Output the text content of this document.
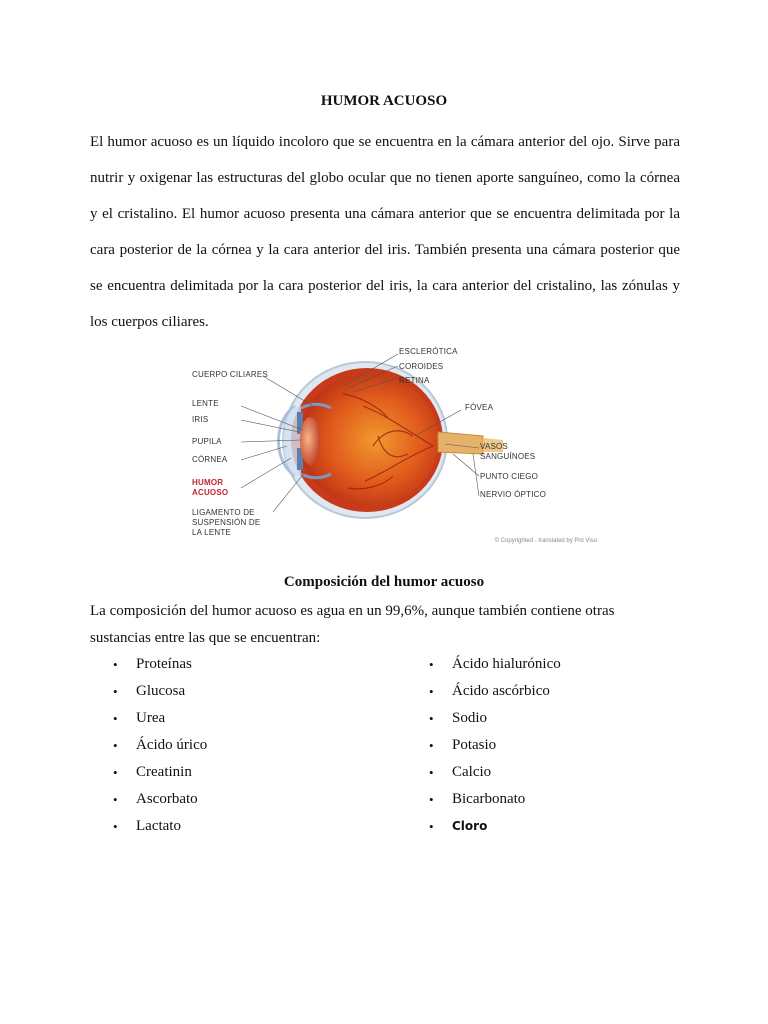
HUMOR ACUOSO
El humor acuoso es un líquido incoloro que se encuentra en la cámara anterior del ojo. Sirve para
nutrir y oxigenar las estructuras del globo ocular que no tienen aporte sanguíneo, como la córnea
y el cristalino. El humor acuoso presenta una cámara anterior que se encuentra delimitada por la
cara posterior de la córnea y la cara anterior del iris. También presenta una cámara posterior que
se encuentra delimitada por la cara posterior del iris, la cara anterior del cristalino, las zónulas y
los cuerpos ciliares.
ESCLERÓTICA
COROIDES
RETINA
CUERPO CILIARES
LENTE
IRIS
PUPILA
CÓRNEA
HUMOR
ACUOSO
LIGAMENTO DE
SUSPENSIÓN DE
LA LENTE
FÓVEA
VASOS
SANGUÍNOES
PUNTO CIEGO
NERVIO ÓPTICO
© Copyrighted - translated by Pro Visu
Composición del humor acuoso
La composición del humor acuoso es agua en un 99,6%, aunque también contiene otras
sustancias entre las que se encuentran:
• Proteínas
• Glucosa
• Urea
• Ácido úrico
• Creatinin
• Ascorbato
• Lactato
• Ácido hialurónico
• Ácido ascórbico
• Sodio
• Potasio
• Calcio
• Bicarbonato
• Cloro
